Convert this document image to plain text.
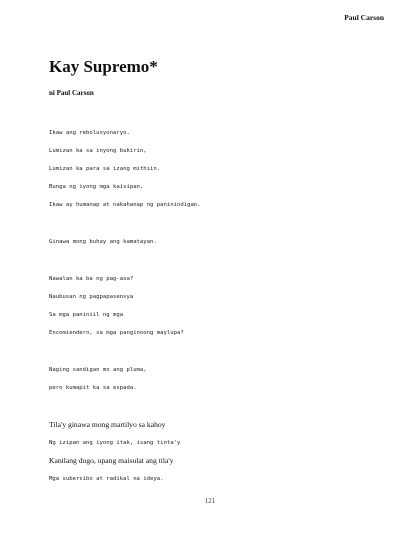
Paul Carson
Kay Supremo*
ni Paul Carson
Ikaw ang rebolusyonaryo.
Lumizan ka sa inyong bukirin,
Lumizan ka para sa izang mithiin.
Bunga ng iyong mga kaisipan,
Ikaw ay humanap at nakahanap ng paninindigan.
Ginawa mong buhay ang kamatayan.
Nawalan ka ba ng pag-asa?
Naubusan ng pagpapasensya
Sa mga paniniil ng mga
Encomiendero, sa mga panginoong maylupa?
Naging sandigan mo ang pluma,
pero kumapit ka sa espada.
Tila'y ginawa mong martilyo sa kahoy
Ng izipan ang iyong itak, isang tinta'y
Kanilang dugo, upang maisulat ang tila'y
Mga subersibo at radikal na ideya.
121
